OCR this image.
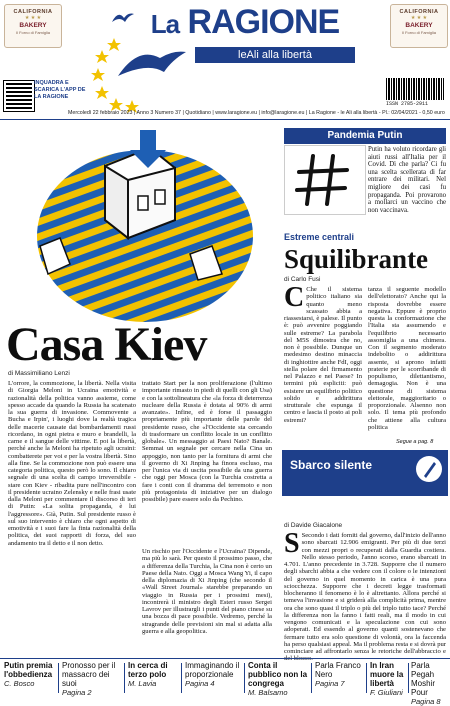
CALIFORNIA
★ ★ ★
BAKERY
Il Forno di Famiglia	La RAGIONE
leAli alla libertà
CALIFORNIA
★ ★ ★
BAKERY
Il Forno di Famiglia
INQUADRA E SCARICA L'APP DE LA RAGIONE
ISSN 2785-2911
Mercoledì 22 febbraio 2023 | Anno 3 Numero 37 | Quotidiano | www.laragione.eu | info@laragione.eu | La Ragione - le Ali alla libertà - Pl.: 02/04/2021 - 0,50 euro
Casa Kiev
di Massimiliano Lenzi
L'orrore, la commozione, la libertà. Nella visita di Giorgia Meloni in Ucraina emotività e razionalità della politica vanno assieme, come spesso accade da quando la Russia ha scatenato la sua guerra di invasione. Commovente a Bucha e Irpin', i luoghi dove la realtà tragica delle macerie causate dai bombardamenti russi ricordano, in ogni pietra e muro e brandelli, la carne e il sangue delle vittime. E poi la libertà, perché anche la Meloni ha ripetuto agli ucraini: combatterete per voi e per la vostra libertà. Sino alla fine. Se la commozione non può essere una categoria politica, questo però lo sono. Il chiaro segnale di una scelta di campo irreversibile - stare con Kiev - ribadita pure nell'incontro con il presidente ucraino Zelensky e nelle frasi usate dalla Meloni per commentare il discorso di ieri di Putin: «La solita propaganda, è lui l'aggressore». Già, Putin. Sul presidente russo è sul suo intervento è chiaro che ogni aspetto di emotività e i suoi fare la finta razionalità della politica, dei suoi rapporti di forza, del suo andamento tra il detto e il non detto.
trattato Start per la non proliferazione (l'ultimo importante rimasto in piedi di quelli con gli Usa) e con la sottolineatura che «la forza di deterrenza nucleare della Russia è dotata al 90% di armi avanzate». Infine, ed è forse il passaggio propriamente più importante delle parole del presidente russo, che «l'Occidente sta cercando di trasformare un conflitto locale in un conflitto globale». Un messaggio ai Paesi Nato? Banale. Semmai un segnale per cercare nella Cina un appoggio, non tanto per la fornitura di armi che il governo di Xi Jinping ha finora escluso, ma per l'unica via di uscita possibile da una guerra che oggi per Mosca (con la Turchia costretta a fare i conti con il dramma del terremoto e non più protagonista di iniziative per un dialogo possibile) pare essere solo da Pechino.
Un rischio per l'Occidente e l'Ucraina? Dipende, ma più lo sarà. Per questo il prossimo passo, che a differenza della Turchia, la Cina non è certo un Paese della Nato. Oggi a Mosca Wang Yi, il capo della diplomazia di Xi Jinping (che secondo il «Wall Street Journal» starebbe preparando un viaggio in Russia per i prossimi mesi), incontrerà il ministro degli Esteri russo Sergei Lavrov per illustrargli i punti del piano cinese su una bozza di pace possibile. Vedremo, perché la stragrande delle previsioni sin mal si adatta alla guerra e alla geopolitica.
Pandemia Putin
Putin ha voluto ricordare gli aiuti russi all'Italia per il Covid. Dì che parla? Ci fu una scelta scellerata di far entrare dei militari. Nel migliore dei casi fu propaganda. Poi provarono a mollarci un vaccino che non vaccinava.
Estreme centrali
Squilibrante
di Carlo Fusi
C Che il sistema politico italiano sia quanto meno scassato abbia a riassestarsi, è palese. Il punto è: può avvenire poggiando sulle estreme? La parabola del M5S dimostra che no, non è possibile. Dunque un medesimo destino minaccia di inghiottire anche FdI, oggi stella polare del firmamento nel Palazzo e nel Paese? In termini più espliciti: può esistere un equilibrio politico solido e addirittura strutturale che espunga il centro e lascia il posto ai poli estremi?
tanza il seguente modello dell'elettorato? Anche qui la risposta dovrebbe essere negativa. Eppure è proprio questa la conformazione che l'Italia sta assumendo e l'equilibrio necessario assomiglia a una chimera. Con il segmento moderato indebolito o addirittura assente, si aprono infatti praterie per le scorribande di populismo, dilettantismo, demagogia. Non è una questione di sistema elettorale, maggioritario o proporzionale. Alsenno non solo. Il tema più profondo che attiene alla cultura politica
Segue a pag. 8
Sbarco silente
di Davide Giacalone
S Secondo i dati forniti dal governo, dall'inizio dell'anno sono sbarcati 12.906 emigranti. Per più di due terzi con mezzi propri o recuperati dalla Guardia costiera. Nello stesso periodo, l'anno scorso, erano sbarcati in 4.701. L'anno precedente in 3.728. Supporre che il numero degli sbarchi abbia a che vedere con il colore o le intenzioni del governo in quel momento in carica è una pura sciocchezza. Supporre che i decreti legge trasformati blocheranno il fenomeno è lo è altrettanto. Allora perché si temeva l'invasione e si griderà alla complicità prima, mentre ora che sono quasi il triplo o più del triplo tutto tace? Perché la differenza non la fanno i fatti reali, ma il modo in cui vengono comunicati e la speculazione con cui sono adoperati. Ed essendo al governo quanti sostenevano che fermare tutto era solo questione di volontà, ora la faccenda ha perso qualsiasi appeal. Ma il problema resta e si dovrà pur cominciare ad affrontarlo senza le retoriche dell'abbraccio e del blocco.
Putin premia l'obbedienza
C. Bosco
Pronosso per il massacro dei suoi
Pagina 2
In cerca di terzo polo
M. Lavia
Immaginando il proporzionale
Pagina 4
Conta il pubblico non la congrega
M. Balsamo
Parla Franco Nero
Pagina 7
In Iran muore la libertà
F. Giuliani
Parla Pegah Moshir Pour
Pagina 8
